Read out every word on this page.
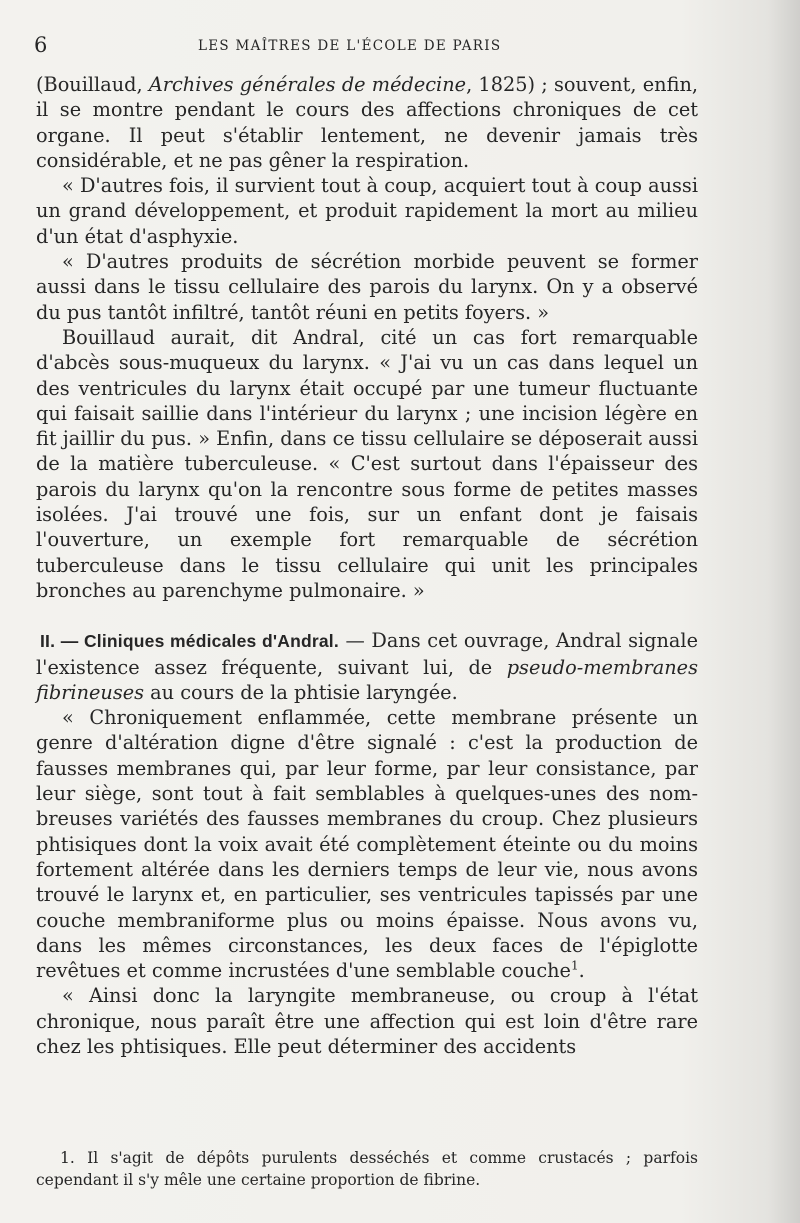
6	LES MAÎTRES DE L'ÉCOLE DE PARIS

(Bouillaud, Archives générales de médecine, 1825) ; souvent, enfin, il se montre pendant le cours des affections chroniques de cet organe. Il peut s'établir lentement, ne devenir jamais très considérable, et ne pas gêner la respiration.

« D'autres fois, il survient tout à coup, acquiert tout à coup aussi un grand développement, et produit rapidement la mort au milieu d'un état d'asphyxie.

« D'autres produits de sécrétion morbide peuvent se former aussi dans le tissu cellulaire des parois du larynx. On y a observé du pus tantôt infiltré, tantôt réuni en petits foyers. »

Bouillaud aurait, dit Andral, cité un cas fort remarquable d'abcès sous-muqueux du larynx. « J'ai vu un cas dans lequel un des ventricules du larynx était occupé par une tumeur fluctuante qui faisait saillie dans l'intérieur du larynx ; une incision légère en fit jaillir du pus. » Enfin, dans ce tissu cellulaire se déposerait aussi de la matière tuberculeuse. « C'est surtout dans l'épaisseur des parois du larynx qu'on la rencontre sous forme de petites masses isolées. J'ai trouvé une fois, sur un enfant dont je faisais l'ouverture, un exemple fort remarquable de sécrétion tuberculeuse dans le tissu cellulaire qui unit les principales bronches au parenchyme pulmonaire. »

II. — Cliniques médicales d'Andral. — Dans cet ouvrage, Andral signale l'existence assez fréquente, suivant lui, de pseudo-membranes fibrineuses au cours de la phtisie laryngée.

« Chroniquement enflammée, cette membrane présente un genre d'altération digne d'être signalé : c'est la production de fausses membranes qui, par leur forme, par leur consistance, par leur siège, sont tout à fait semblables à quelques-unes des nombreuses variétés des fausses membranes du croup. Chez plusieurs phtisiques dont la voix avait été complètement éteinte ou du moins fortement altérée dans les derniers temps de leur vie, nous avons trouvé le larynx et, en particulier, ses ventricules tapissés par une couche membraniforme plus ou moins épaisse. Nous avons vu, dans les mêmes circonstances, les deux faces de l'épiglotte revêtues et comme incrustées d'une semblable couche$^1$.

« Ainsi donc la laryngite membraneuse, ou croup à l'état chronique, nous paraît être une affection qui est loin d'être rare chez les phtisiques. Elle peut déterminer des accidents

1. Il s'agit de dépôts purulents desséchés et comme crustacés ; parfois cependant il s'y mêle une certaine proportion de fibrine.
